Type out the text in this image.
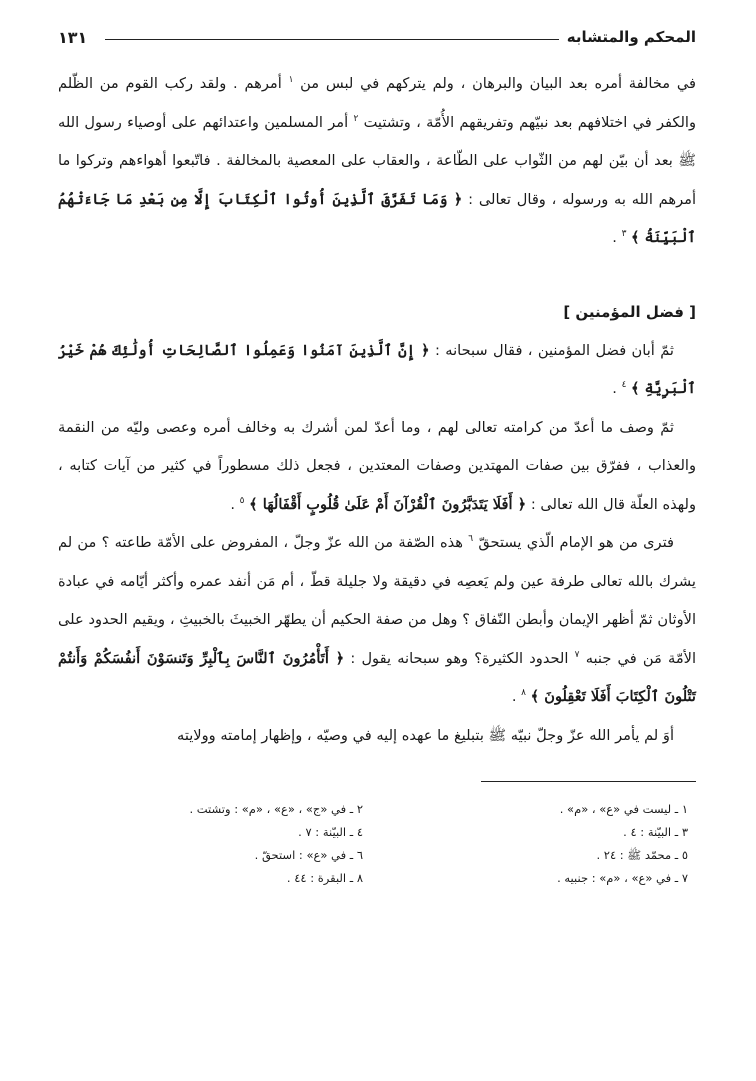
المحكم والمتشابه
١٣١

في مخالفة أمره بعد البيان والبرهان ، ولم يتركهم في لبس من $^١$ أمرهم . ولقد ركب القوم من الظّلم والكفر في اختلافهم بعد نبيّهم وتفريقهم الأُمّة ، وتشتيت $^٢$ أمر المسلمين واعتدائهم على أوصياء رسول الله ﷺ بعد أن بيّن لهم من الثّواب على الطّاعة ، والعقاب على المعصية بالمخالفة . فاتّبعوا أهواءهم وتركوا ما أمرهم الله به ورسوله ، وقال تعالى : ﴿ وَمَا تَفَرَّقَ ٱلَّذِينَ أُوتُوا ٱلْكِتَابَ إِلَّا مِن بَعْدِ مَا جَاءَتْهُمُ ٱلْبَيِّنَةُ ﴾ $^٣$ .

[ فضل المؤمنين ]

ثمّ أبان فضل المؤمنين ، فقال سبحانه : ﴿ إِنَّ ٱلَّذِينَ آمَنُوا وَعَمِلُوا ٱلصَّالِحَاتِ أُولَٰئِكَ هُمْ خَيْرُ ٱلْبَرِيَّةِ ﴾ $^٤$ .

ثمّ وصف ما أعدّ من كرامته تعالى لهم ، وما أعدّ لمن أشرك به وخالف أمره وعصى وليّه من النقمة والعذاب ، ففرّق بين صفات المهتدين وصفات المعتدين ، فجعل ذلك مسطوراً في كثير من آيات كتابه ، ولهذه العلّة قال الله تعالى : ﴿ أَفَلَا يَتَدَبَّرُونَ ٱلْقُرْآنَ أَمْ عَلَىٰ قُلُوبٍ أَقْفَالُهَا ﴾ $^٥$ .

فترى من هو الإمام الّذي يستحقّ $^٦$ هذه الصّفة من الله عزّ وجلّ ، المفروض على الأمّة طاعته ؟ من لم يشرك بالله تعالى طرفة عين ولم يَعصِه في دقيقة ولا جليلة قطّ ، أم مَن أنفد عمره وأكثر أيّامه في عبادة الأوثان ثمّ أظهر الإيمان وأبطن النّفاق ؟ وهل من صفة الحكيم أن يطهّر الخبيثَ بالخبيثِ ، ويقيم الحدود على الأمّة مَن في جنبه $^٧$ الحدود الكثيرة؟ وهو سبحانه يقول : ﴿ أَتَأْمُرُونَ ٱلنَّاسَ بِٱلْبِرِّ وَتَنسَوْنَ أَنفُسَكُمْ وَأَنتُمْ تَتْلُونَ ٱلْكِتَابَ أَفَلَا تَعْقِلُونَ ﴾ $^٨$ .

أوَ لم يأمر الله عزّ وجلّ نبيّه ﷺ بتبليغ ما عهده إليه في وصيّه ، وإظهار إمامته وولايته

١ ـ ليست في «ع» ، «م» .
٢ ـ في «ج» ، «ع» ، «م» : وتشتت .
٣ ـ البيّنة : ٤ .
٤ ـ البيّنة : ٧ .
٥ ـ محمّد ﷺ : ٢٤ .
٦ ـ في «ع» : استحقّ .
٧ ـ في «ع» ، «م» : جنبيه .
٨ ـ البقرة : ٤٤ .
